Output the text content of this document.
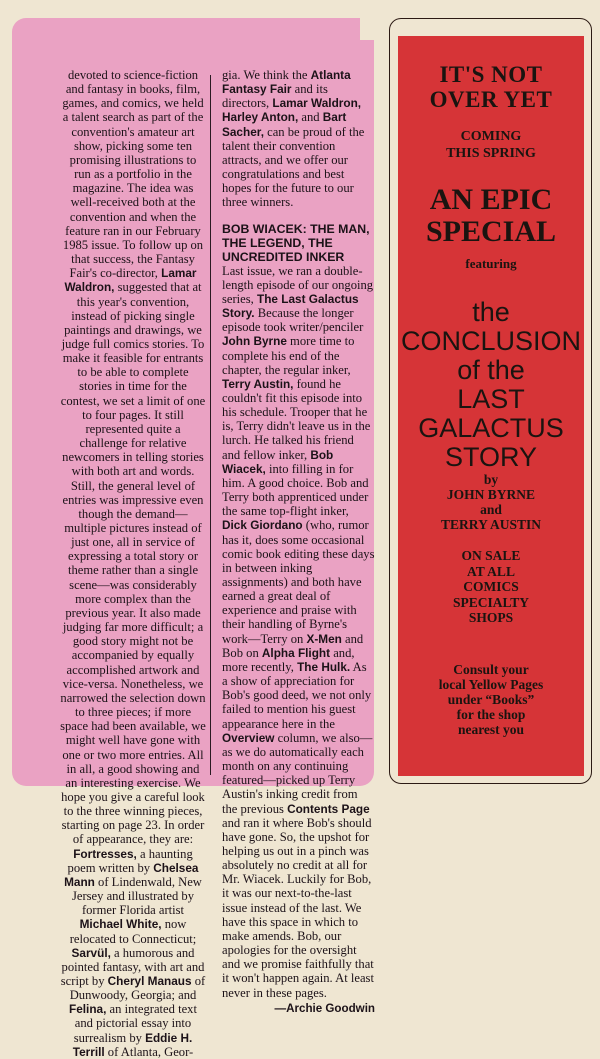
devoted to science-fiction and fantasy in books, film, games, and comics, we held a talent search as part of the convention's amateur art show, picking some ten promising illustrations to run as a portfolio in the magazine. The idea was well-received both at the convention and when the feature ran in our February 1985 issue. To follow up on that success, the Fantasy Fair's co-director, Lamar Waldron, suggested that at this year's convention, instead of picking single paintings and drawings, we judge full comics stories. To make it feasible for entrants to be able to complete stories in time for the contest, we set a limit of one to four pages. It still represented quite a challenge for relative newcomers in telling stories with both art and words. Still, the general level of entries was impressive even though the demand—multiple pictures instead of just one, all in service of expressing a total story or theme rather than a single scene—was considerably more complex than the previous year. It also made judging far more difficult; a good story might not be accompanied by equally accomplished artwork and vice-versa. Nonetheless, we narrowed the selection down to three pieces; if more space had been available, we might well have gone with one or two more entries. All in all, a good showing and an interesting exercise. We hope you give a careful look to the three winning pieces, starting on page 23. In order of appearance, they are: Fortresses, a haunting poem written by Chelsea Mann of Lindenwald, New Jersey and illustrated by former Florida artist Michael White, now relocated to Connecticut; Sarvül, a humorous and pointed fantasy, with art and script by Cheryl Manaus of Dunwoody, Georgia; and Felina, an integrated text and pictorial essay into surrealism by Eddie H. Terrill of Atlanta, Geor-

gia. We think the Atlanta Fantasy Fair and its directors, Lamar Waldron, Harley Anton, and Bart Sacher, can be proud of the talent their convention attracts, and we offer our congratulations and best hopes for the future to our three winners.

BOB WIACEK: THE MAN, THE LEGEND, THE UNCREDITED INKER

Last issue, we ran a double-length episode of our ongoing series, The Last Galactus Story. Because the longer episode took writer/penciler John Byrne more time to complete his end of the chapter, the regular inker, Terry Austin, found he couldn't fit this episode into his schedule. Trooper that he is, Terry didn't leave us in the lurch. He talked his friend and fellow inker, Bob Wiacek, into filling in for him. A good choice. Bob and Terry both apprenticed under the same top-flight inker, Dick Giordano (who, rumor has it, does some occasional comic book editing these days in between inking assignments) and both have earned a great deal of experience and praise with their handling of Byrne's work—Terry on X-Men and Bob on Alpha Flight and, more recently, The Hulk. As a show of appreciation for Bob's good deed, we not only failed to mention his guest appearance here in the Overview column, we also—as we do automatically each month on any continuing featured—picked up Terry Austin's inking credit from the previous Contents Page and ran it where Bob's should have gone. So, the upshot for helping us out in a pinch was absolutely no credit at all for Mr. Wiacek. Luckily for Bob, it was our next-to-the-last issue instead of the last. We have this space in which to make amends. Bob, our apologies for the oversight and we promise faithfully that it won't happen again. At least never in these pages.

—Archie Goodwin

IT'S NOT
OVER YET
COMING
THIS SPRING
AN EPIC
SPECIAL
featuring
the
CONCLUSION
of the
LAST
GALACTUS
STORY
by
JOHN BYRNE
and
TERRY AUSTIN
ON SALE
AT ALL
COMICS
SPECIALTY
SHOPS
Consult your
local Yellow Pages
under “Books”
for the shop
nearest you
